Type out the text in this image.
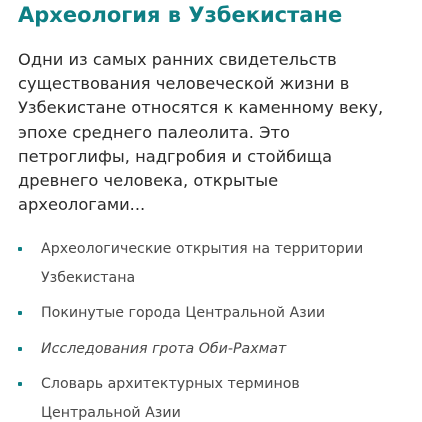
Археология в Узбекистане

Одни из самых ранних свидетельств существования человеческой жизни в Узбекистане относятся к каменному веку, эпохе среднего палеолита. Это петроглифы, надгробия и стойбища древнего человека, открытые археологами...

Археологические открытия на территории Узбекистана
Покинутые города Центральной Азии
Исследования грота Оби-Рахмат
Словарь архитектурных терминов Центральной Азии
